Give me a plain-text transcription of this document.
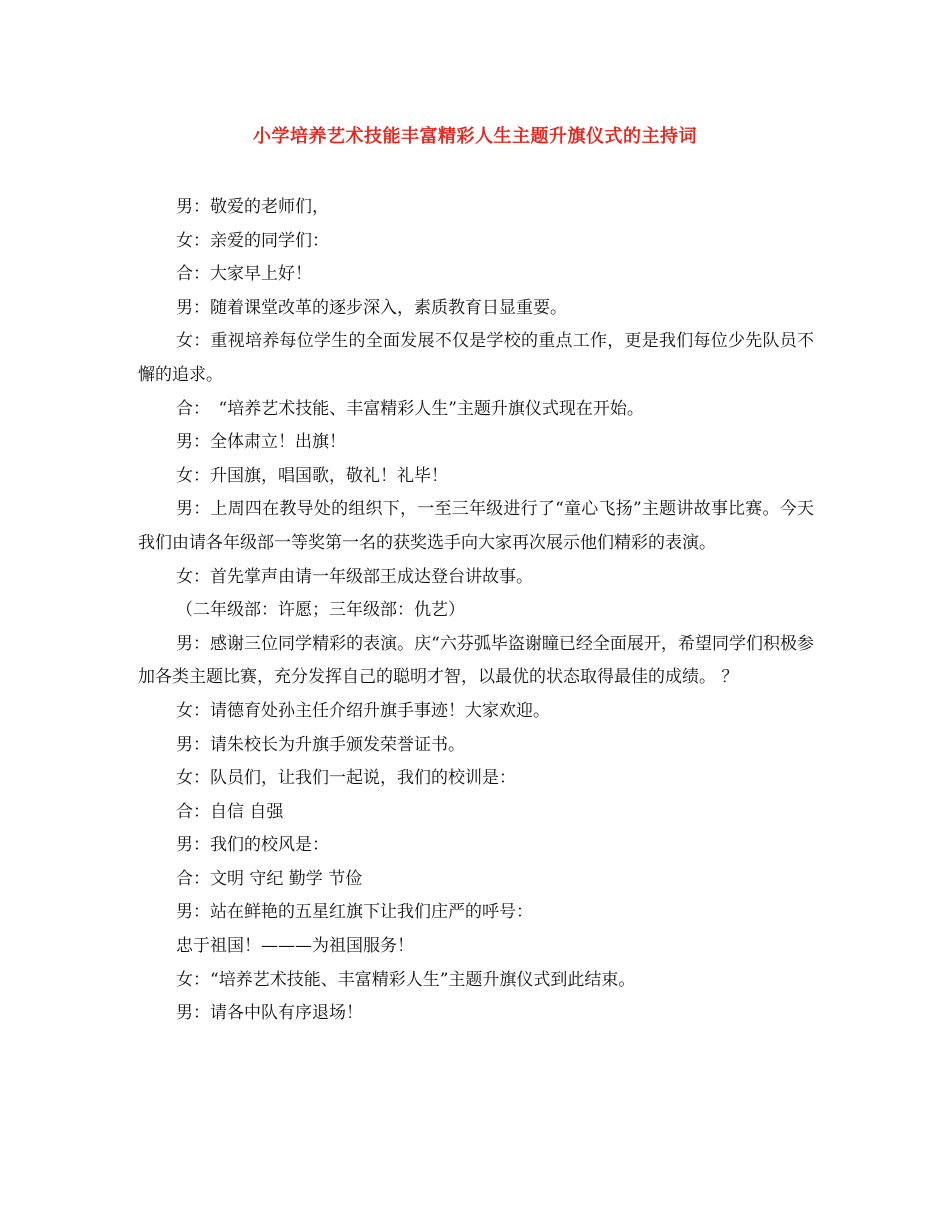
小学培养艺术技能丰富精彩人生主题升旗仪式的主持词

男：敬爱的老师们，

女：亲爱的同学们：

合：大家早上好！

男：随着课堂改革的逐步深入，素质教育日显重要。

女：重视培养每位学生的全面发展不仅是学校的重点工作，更是我们每位少先队员不懈的追求。

合：　“培养艺术技能、丰富精彩人生”主题升旗仪式现在开始。

男：全体肃立！出旗！

女：升国旗，唱国歌，敬礼！礼毕！

男：上周四在教导处的组织下，一至三年级进行了“童心飞扬”主题讲故事比赛。今天我们由请各年级部一等奖第一名的获奖选手向大家再次展示他们精彩的表演。

女：首先掌声由请一年级部王成达登台讲故事。

（二年级部：许愿；三年级部：仇艺）

男：感谢三位同学精彩的表演。庆“六芬弧毕盗谢瞳已经全面展开，希望同学们积极参加各类主题比赛，充分发挥自己的聪明才智，以最优的状态取得最佳的成绩。 ？

女：请德育处孙主任介绍升旗手事迹！大家欢迎。

男：请朱校长为升旗手颁发荣誉证书。

女：队员们，让我们一起说，我们的校训是：

合：自信 自强

男：我们的校风是：

合：文明 守纪 勤学 节俭

男：站在鲜艳的五星红旗下让我们庄严的呼号：

忠于祖国！———为祖国服务！

女：“培养艺术技能、丰富精彩人生”主题升旗仪式到此结束。

男：请各中队有序退场！
